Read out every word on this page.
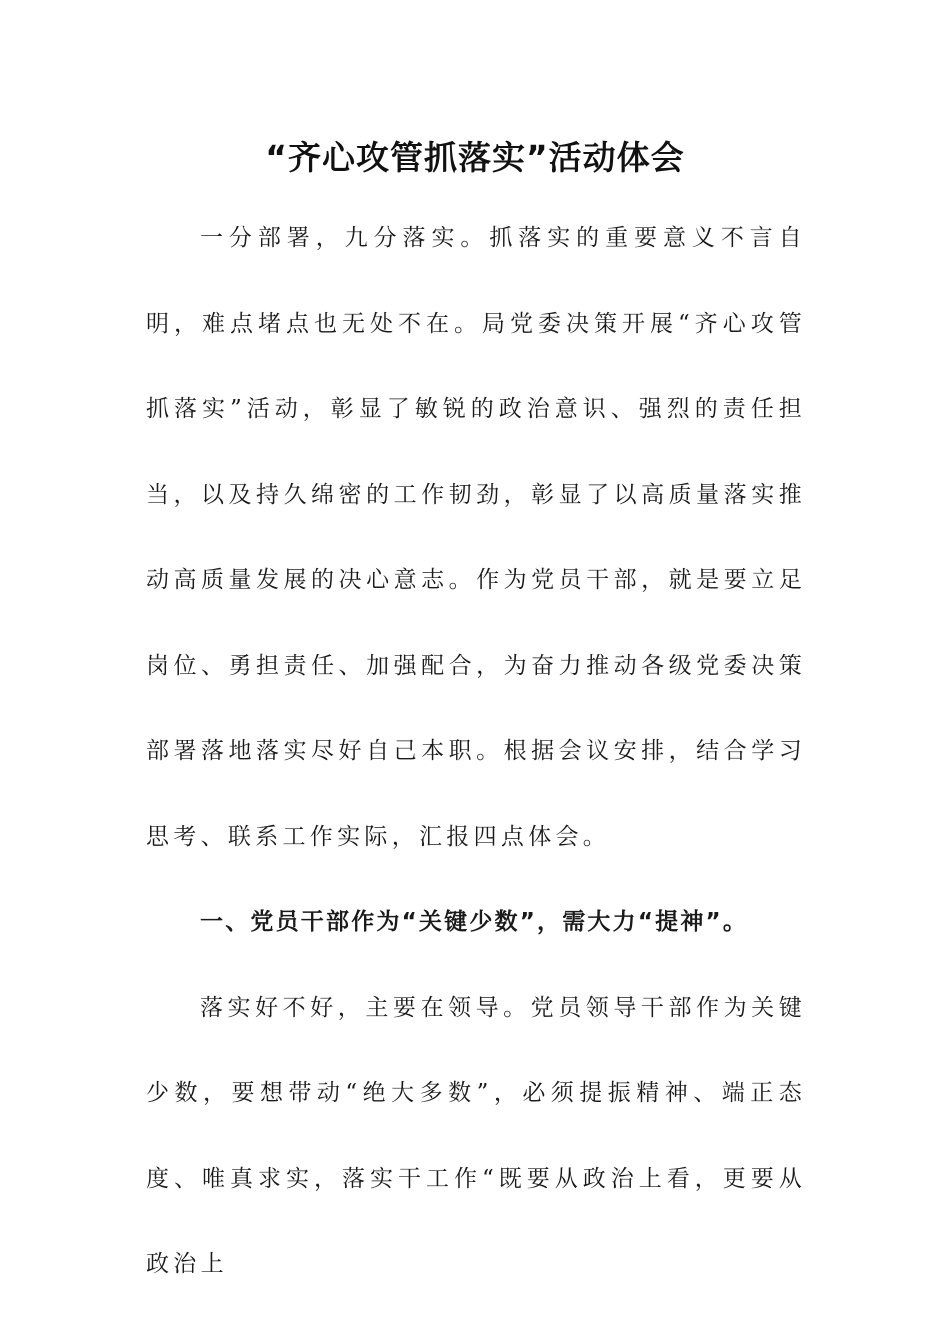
“齐心攻管抓落实”活动体会

一分部署，九分落实。抓落实的重要意义不言自明，难点堵点也无处不在。局党委决策开展“齐心攻管抓落实”活动，彰显了敏锐的政治意识、强烈的责任担当，以及持久绵密的工作韧劲，彰显了以高质量落实推动高质量发展的决心意志。作为党员干部，就是要立足岗位、勇担责任、加强配合，为奋力推动各级党委决策部署落地落实尽好自己本职。根据会议安排，结合学习思考、联系工作实际，汇报四点体会。

一、党员干部作为“关键少数”，需大力“提神”。

落实好不好，主要在领导。党员领导干部作为关键少数，要想带动“绝大多数”，必须提振精神、端正态度、唯真求实，落实干工作“既要从政治上看，更要从政治上
